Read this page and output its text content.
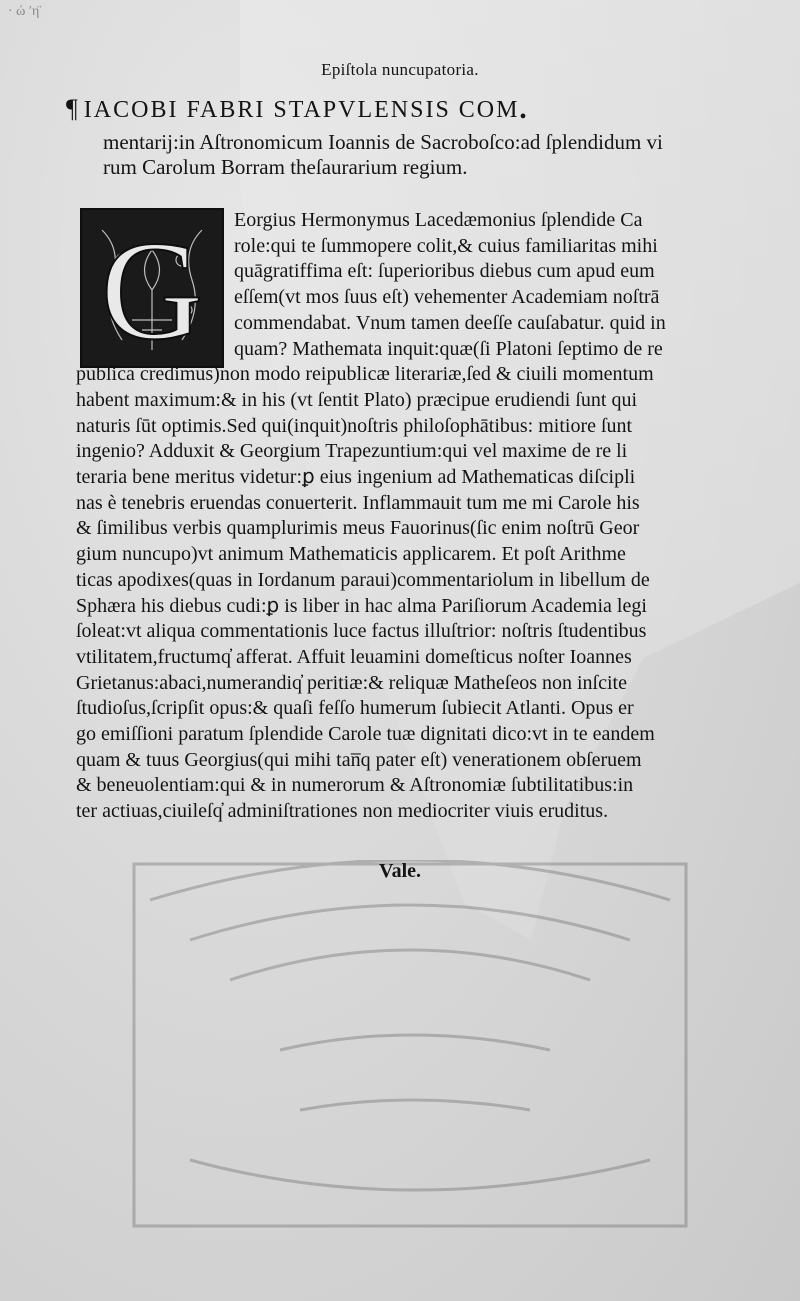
· ώ ′η̈
Epiſtola nuncupatoria.
¶ IACOBI FABRI STAPVLENSIS $COM_•$
mentarij:in Aſtronomicum Ioannis de Sacroboſco:ad ſplendidum vi
rum Carolum Borram theſaurarium regium.
G	Eorgius Hermonymus Lacedæmonius ſplendide Ca
role:qui te ſummopere colit,& cuius familiaritas mihi
quāgratiffima eſt: ſuperioribus diebus cum apud eum
eſſem(vt mos ſuus eſt) vehementer Academiam noſtrā
commendabat. Vnum tamen deeſſe cauſabatur. quid in
quam? Mathemata inquit:quæ(ſi Platoni ſeptimo de re
publica credimus)non modo reipublicæ literariæ,ſed & ciuili momentum
habent maximum:& in his (vt ſentit Plato) præcipue erudiendi ſunt qui
naturis ſūt optimis.Sed qui(inquit)noſtris philoſophātibus: mitiore ſunt
ingenio? Adduxit & Georgium Trapezuntium:qui vel maxime de re li
teraria bene meritus videtur:ꝑ eius ingenium ad Mathematicas diſcipli
nas è tenebris eruendas conuerterit. Inflammauit tum me mi Carole his
& ſimilibus verbis quamplurimis meus Fauorinus(ſic enim noſtrū Geor
gium nuncupo)vt animum Mathematicis applicarem. Et poſt Arithme
ticas apodixes(quas in Iordanum paraui)commentariolum in libellum de
Sphæra his diebus cudi:ꝑ is liber in hac alma Pariſiorum Academia legi
ſoleat:vt aliqua commentationis luce factus illuſtrior: noſtris ſtudentibus
vtilitatem,fructumq̓ afferat. Affuit leuamini domeſticus noſter Ioannes
Grietanus:abaci,numerandiq̓ peritiæ:& reliquæ Matheſeos non inſcite
ſtudioſus,ſcripſit opus:& quaſi feſſo humerum ſubiecit Atlanti. Opus er
go emiſſioni paratum ſplendide Carole tuæ dignitati dico:vt in te eandem
quam & tuus Georgius(qui mihi tan̅q pater eſt) venerationem obſeruem
& beneuolentiam:qui & in numerorum & Aſtronomiæ ſubtilitatibus:in
ter actiuas,ciuileſq̓ adminiſtrationes non mediocriter viuis eruditus.
Vale.
